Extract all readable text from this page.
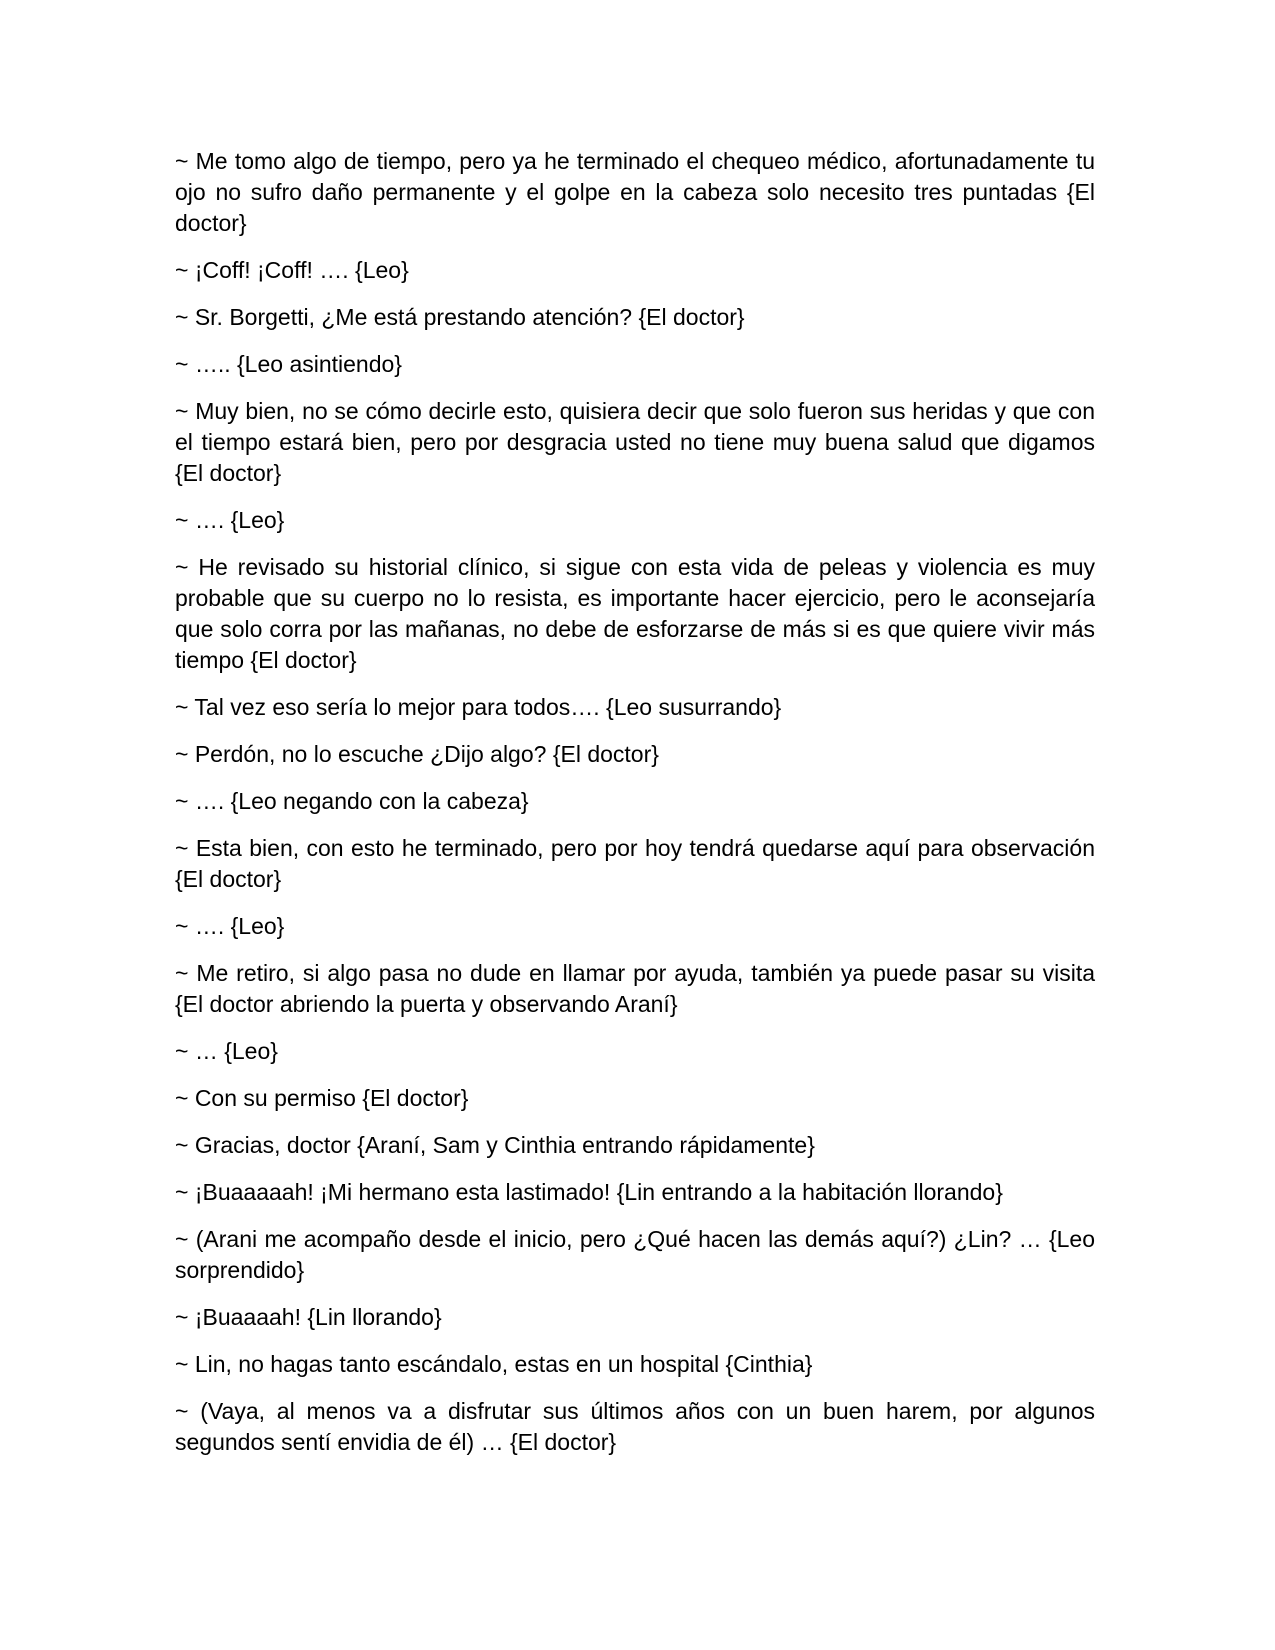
~ Me tomo algo de tiempo, pero ya he terminado el chequeo médico, afortunadamente tu ojo no sufro daño permanente y el golpe en la cabeza solo necesito tres puntadas {El doctor}

~ ¡Coff! ¡Coff! …. {Leo}

~ Sr. Borgetti, ¿Me está prestando atención? {El doctor}

~ ….. {Leo asintiendo}

~ Muy bien, no se cómo decirle esto, quisiera decir que solo fueron sus heridas y que con el tiempo estará bien, pero por desgracia usted no tiene muy buena salud que digamos {El doctor}

~ …. {Leo}

~ He revisado su historial clínico, si sigue con esta vida de peleas y violencia es muy probable que su cuerpo no lo resista, es importante hacer ejercicio, pero le aconsejaría que solo corra por las mañanas, no debe de esforzarse de más si es que quiere vivir más tiempo {El doctor}

~ Tal vez eso sería lo mejor para todos…. {Leo susurrando}

~ Perdón, no lo escuche ¿Dijo algo? {El doctor}

~ …. {Leo negando con la cabeza}

~ Esta bien, con esto he terminado, pero por hoy tendrá quedarse aquí para observación {El doctor}

~ …. {Leo}

~ Me retiro, si algo pasa no dude en llamar por ayuda, también ya puede pasar su visita {El doctor abriendo la puerta y observando Araní}

~ … {Leo}

~ Con su permiso {El doctor}

~ Gracias, doctor {Araní, Sam y Cinthia entrando rápidamente}

~ ¡Buaaaaah! ¡Mi hermano esta lastimado! {Lin entrando a la habitación llorando}

~ (Arani me acompaño desde el inicio, pero ¿Qué hacen las demás aquí?) ¿Lin? … {Leo sorprendido}

~ ¡Buaaaah! {Lin llorando}

~ Lin, no hagas tanto escándalo, estas en un hospital {Cinthia}

~ (Vaya, al menos va a disfrutar sus últimos años con un buen harem, por algunos segundos sentí envidia de él) … {El doctor}
